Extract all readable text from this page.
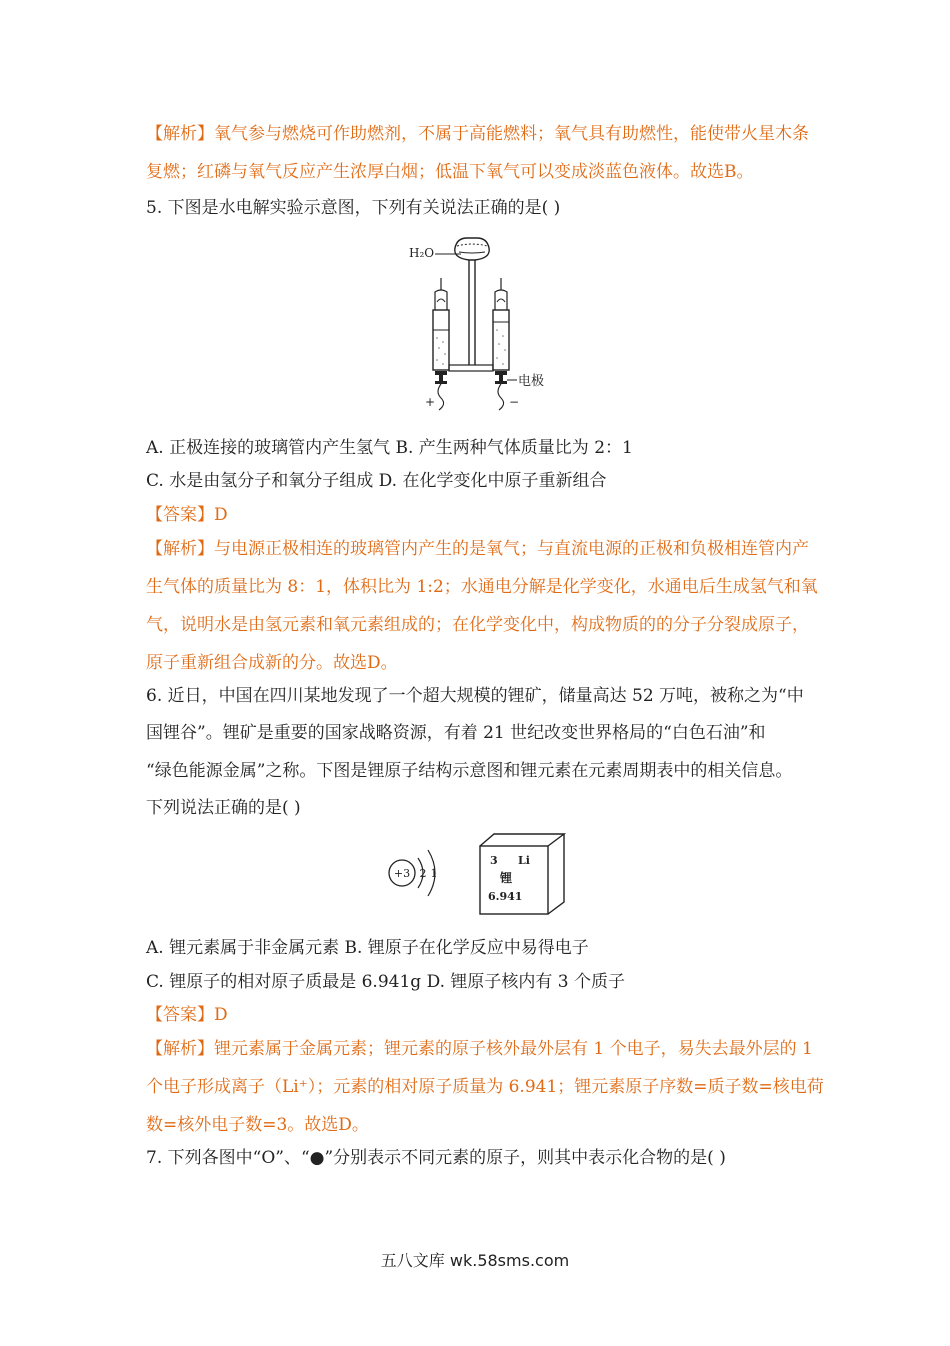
【解析】氧气参与燃烧可作助燃剂，不属于高能燃料；氧气具有助燃性，能使带火星木条
复燃；红磷与氧气反应产生浓厚白烟；低温下氧气可以变成淡蓝色液体。故选B。
5. 下图是水电解实验示意图，下列有关说法正确的是( )
H₂O
+	−
电极
A. 正极连接的玻璃管内产生氢气 B. 产生两种气体质量比为 2：1
C. 水是由氢分子和氧分子组成 D. 在化学变化中原子重新组合
【答案】D
【解析】与电源正极相连的玻璃管内产生的是氧气；与直流电源的正极和负极相连管内产
生气体的质量比为 8：1，体积比为 1:2；水通电分解是化学变化，水通电后生成氢气和氧
气，说明水是由氢元素和氧元素组成的；在化学变化中，构成物质的的分子分裂成原子，
原子重新组合成新的分。故选D。
6. 近日，中国在四川某地发现了一个超大规模的锂矿，储量高达 52 万吨，被称之为“中
国锂谷”。锂矿是重要的国家战略资源，有着 21 世纪改变世界格局的“白色石油”和
“绿色能源金属”之称。下图是锂原子结构示意图和锂元素在元素周期表中的相关信息。
下列说法正确的是( )
+3 2 1
3 Li
锂
6.941
A. 锂元素属于非金属元素 B. 锂原子在化学反应中易得电子
C. 锂原子的相对原子质最是 6.941g D. 锂原子核内有 3 个质子
【答案】D
【解析】锂元素属于金属元素；锂元素的原子核外最外层有 1 个电子，易失去最外层的 1
个电子形成离子（Li⁺）；元素的相对原子质量为 6.941；锂元素原子序数=质子数=核电荷
数=核外电子数=3。故选D。
7. 下列各图中“O”、“●”分别表示不同元素的原子，则其中表示化合物的是( )
五八文库 wk.58sms.com
